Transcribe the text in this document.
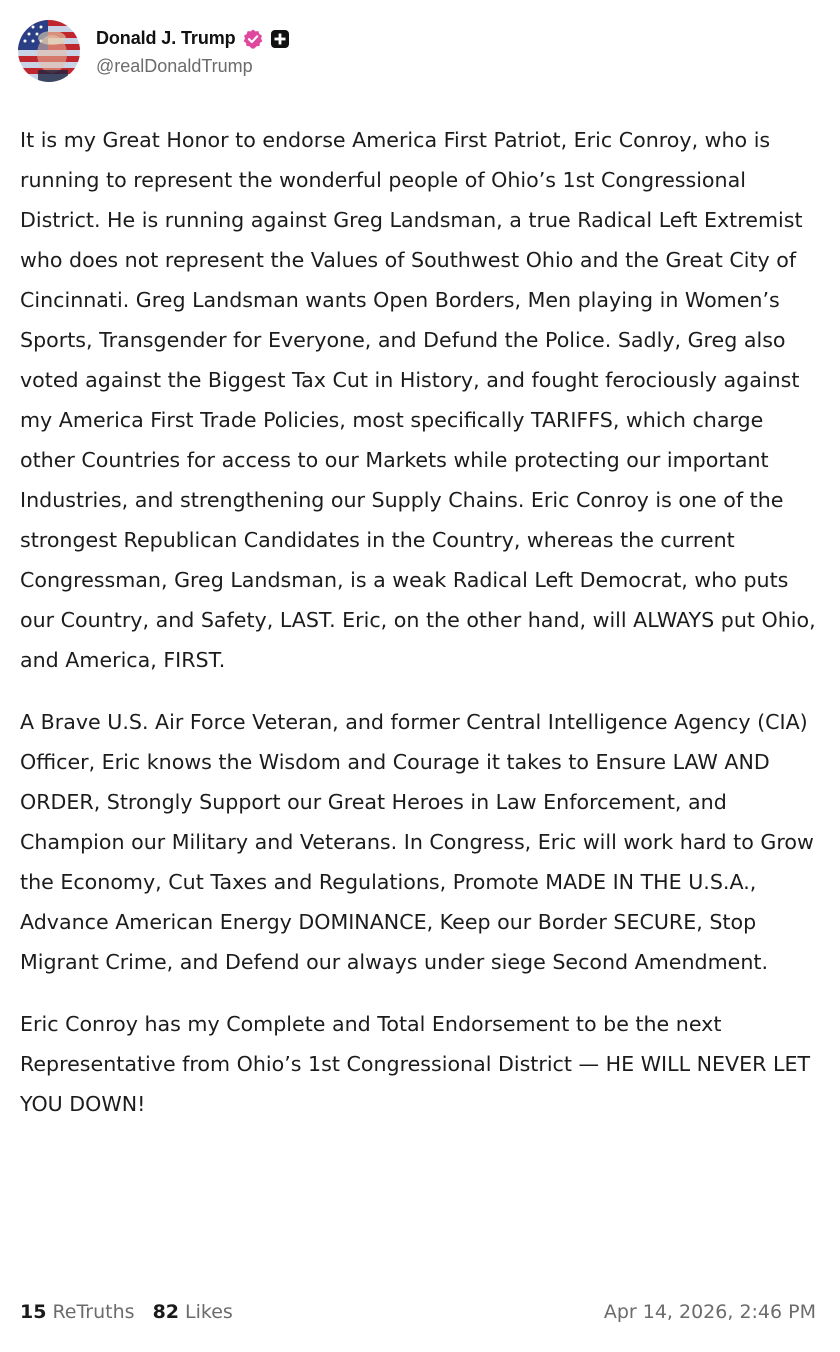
Donald J. Trump
@realDonaldTrump

It is my Great Honor to endorse America First Patriot, Eric Conroy, who is running to represent the wonderful people of Ohio’s 1st Congressional District. He is running against Greg Landsman, a true Radical Left Extremist who does not represent the Values of Southwest Ohio and the Great City of Cincinnati. Greg Landsman wants Open Borders, Men playing in Women’s Sports, Transgender for Everyone, and Defund the Police. Sadly, Greg also voted against the Biggest Tax Cut in History, and fought ferociously against my America First Trade Policies, most specifically TARIFFS, which charge other Countries for access to our Markets while protecting our important Industries, and strengthening our Supply Chains. Eric Conroy is one of the strongest Republican Candidates in the Country, whereas the current Congressman, Greg Landsman, is a weak Radical Left Democrat, who puts our Country, and Safety, LAST. Eric, on the other hand, will ALWAYS put Ohio, and America, FIRST.

A Brave U.S. Air Force Veteran, and former Central Intelligence Agency (CIA) Officer, Eric knows the Wisdom and Courage it takes to Ensure LAW AND ORDER, Strongly Support our Great Heroes in Law Enforcement, and Champion our Military and Veterans. In Congress, Eric will work hard to Grow the Economy, Cut Taxes and Regulations, Promote MADE IN THE U.S.A., Advance American Energy DOMINANCE, Keep our Border SECURE, Stop Migrant Crime, and Defend our always under siege Second Amendment.

Eric Conroy has my Complete and Total Endorsement to be the next Representative from Ohio’s 1st Congressional District — HE WILL NEVER LET YOU DOWN!

15 ReTruths 82 Likes	Apr 14, 2026, 2:46 PM
